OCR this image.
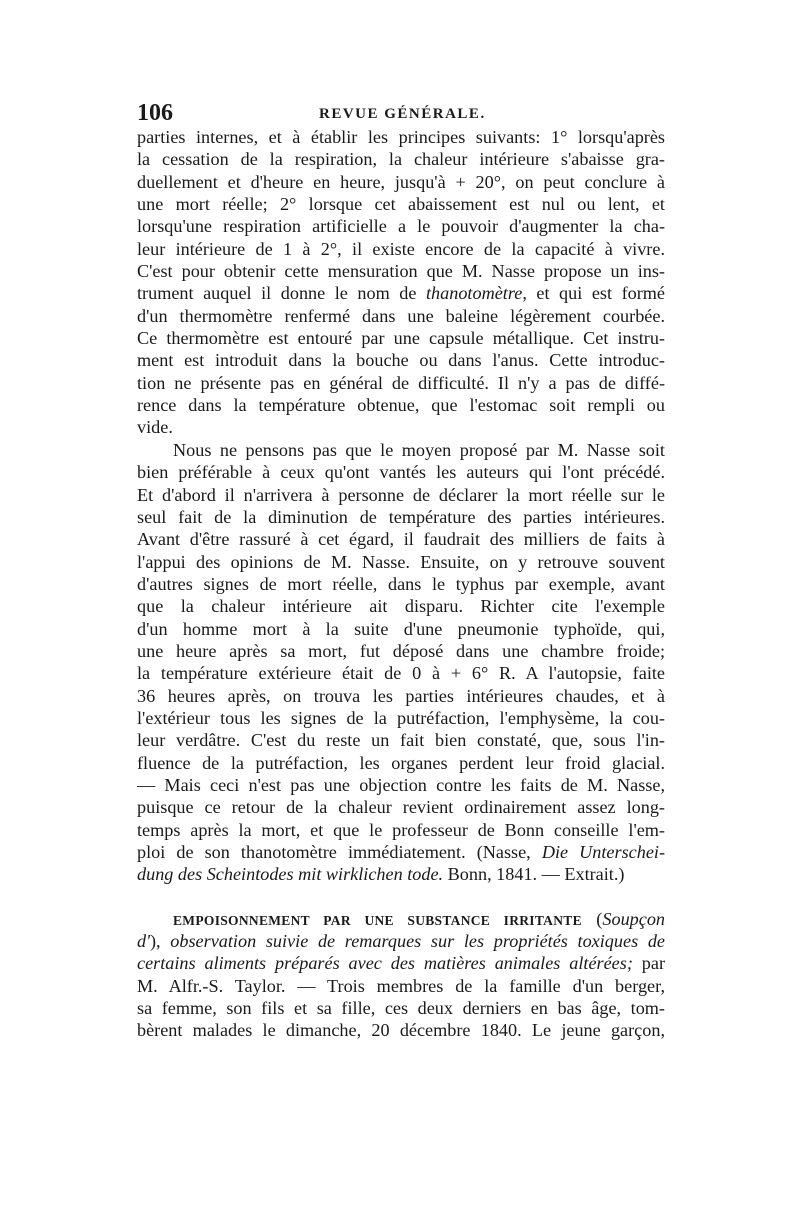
106	REVUE GÉNÉRALE.
parties internes, et à établir les principes suivants: 1° lorsqu'après
la cessation de la respiration, la chaleur intérieure s'abaisse gra-
duellement et d'heure en heure, jusqu'à + 20°, on peut conclure à
une mort réelle; 2° lorsque cet abaissement est nul ou lent, et
lorsqu'une respiration artificielle a le pouvoir d'augmenter la cha-
leur intérieure de 1 à 2°, il existe encore de la capacité à vivre.
C'est pour obtenir cette mensuration que M. Nasse propose un ins-
trument auquel il donne le nom de thanotomètre, et qui est formé
d'un thermomètre renfermé dans une baleine légèrement courbée.
Ce thermomètre est entouré par une capsule métallique. Cet instru-
ment est introduit dans la bouche ou dans l'anus. Cette introduc-
tion ne présente pas en général de difficulté. Il n'y a pas de diffé-
rence dans la température obtenue, que l'estomac soit rempli ou
vide.
Nous ne pensons pas que le moyen proposé par M. Nasse soit
bien préférable à ceux qu'ont vantés les auteurs qui l'ont précédé.
Et d'abord il n'arrivera à personne de déclarer la mort réelle sur le
seul fait de la diminution de température des parties intérieures.
Avant d'être rassuré à cet égard, il faudrait des milliers de faits à
l'appui des opinions de M. Nasse. Ensuite, on y retrouve souvent
d'autres signes de mort réelle, dans le typhus par exemple, avant
que la chaleur intérieure ait disparu. Richter cite l'exemple
d'un homme mort à la suite d'une pneumonie typhoïde, qui,
une heure après sa mort, fut déposé dans une chambre froide;
la température extérieure était de 0 à + 6° R. A l'autopsie, faite
36 heures après, on trouva les parties intérieures chaudes, et à
l'extérieur tous les signes de la putréfaction, l'emphysème, la cou-
leur verdâtre. C'est du reste un fait bien constaté, que, sous l'in-
fluence de la putréfaction, les organes perdent leur froid glacial.
— Mais ceci n'est pas une objection contre les faits de M. Nasse,
puisque ce retour de la chaleur revient ordinairement assez long-
temps après la mort, et que le professeur de Bonn conseille l'em-
ploi de son thanotomètre immédiatement. (Nasse, Die Unterschei-
dung des Scheintodes mit wirklichen tode. Bonn, 1841. — Extrait.)
EMPOISONNEMENT PAR UNE SUBSTANCE IRRITANTE (Soupçon
d'), observation suivie de remarques sur les propriétés toxiques de
certains aliments préparés avec des matières animales altérées; par
M. Alfr.-S. Taylor. — Trois membres de la famille d'un berger,
sa femme, son fils et sa fille, ces deux derniers en bas âge, tom-
bèrent malades le dimanche, 20 décembre 1840. Le jeune garçon,
